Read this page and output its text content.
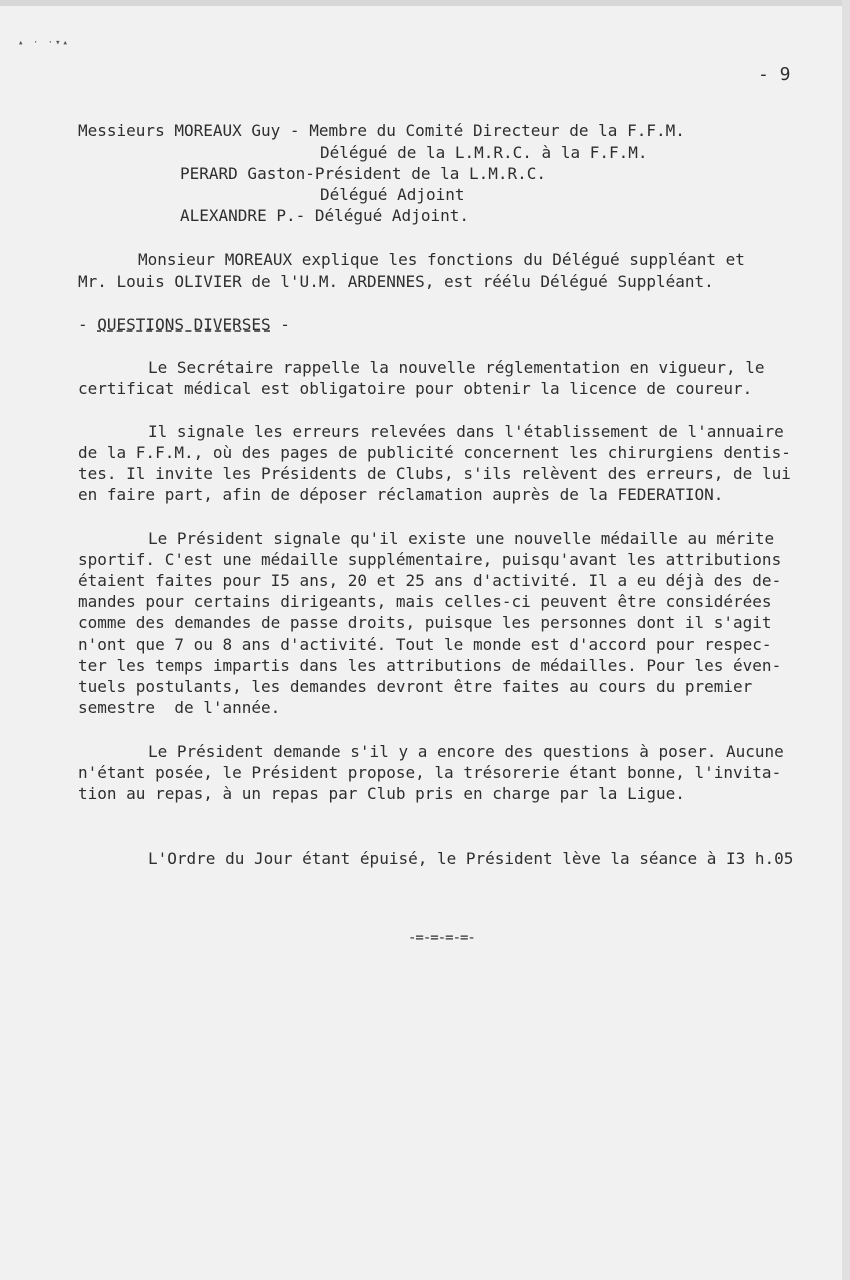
▴ · ·▾▴
- 9
Messieurs MOREAUX Guy - Membre du Comité Directeur de la F.F.M.
Délégué de la L.M.R.C. à la F.F.M.
PERARD Gaston-Président de la L.M.R.C.
Délégué Adjoint
ALEXANDRE P.- Délégué Adjoint.
Monsieur MOREAUX explique les fonctions du Délégué suppléant et
Mr. Louis OLIVIER de l'U.M. ARDENNES, est réélu Délégué Suppléant.
- QUESTIONS DIVERSES -
Le Secrétaire rappelle la nouvelle réglementation en vigueur, le
certificat médical est obligatoire pour obtenir la licence de coureur.
Il signale les erreurs relevées dans l'établissement de l'annuaire
de la F.F.M., où des pages de publicité concernent les chirurgiens dentis-
tes. Il invite les Présidents de Clubs, s'ils relèvent des erreurs, de lui
en faire part, afin de déposer réclamation auprès de la FEDERATION.
Le Président signale qu'il existe une nouvelle médaille au mérite
sportif. C'est une médaille supplémentaire, puisqu'avant les attributions
étaient faites pour I5 ans, 20 et 25 ans d'activité. Il a eu déjà des de-
mandes pour certains dirigeants, mais celles-ci peuvent être considérées
comme des demandes de passe droits, puisque les personnes dont il s'agit
n'ont que 7 ou 8 ans d'activité. Tout le monde est d'accord pour respec-
ter les temps impartis dans les attributions de médailles. Pour les éven-
tuels postulants, les demandes devront être faites au cours du premier
semestre  de l'année.
Le Président demande s'il y a encore des questions à poser. Aucune
n'étant posée, le Président propose, la trésorerie étant bonne, l'invita-
tion au repas, à un repas par Club pris en charge par la Ligue.
L'Ordre du Jour étant épuisé, le Président lève la séance à I3 h.05
-=-=-=-=-
